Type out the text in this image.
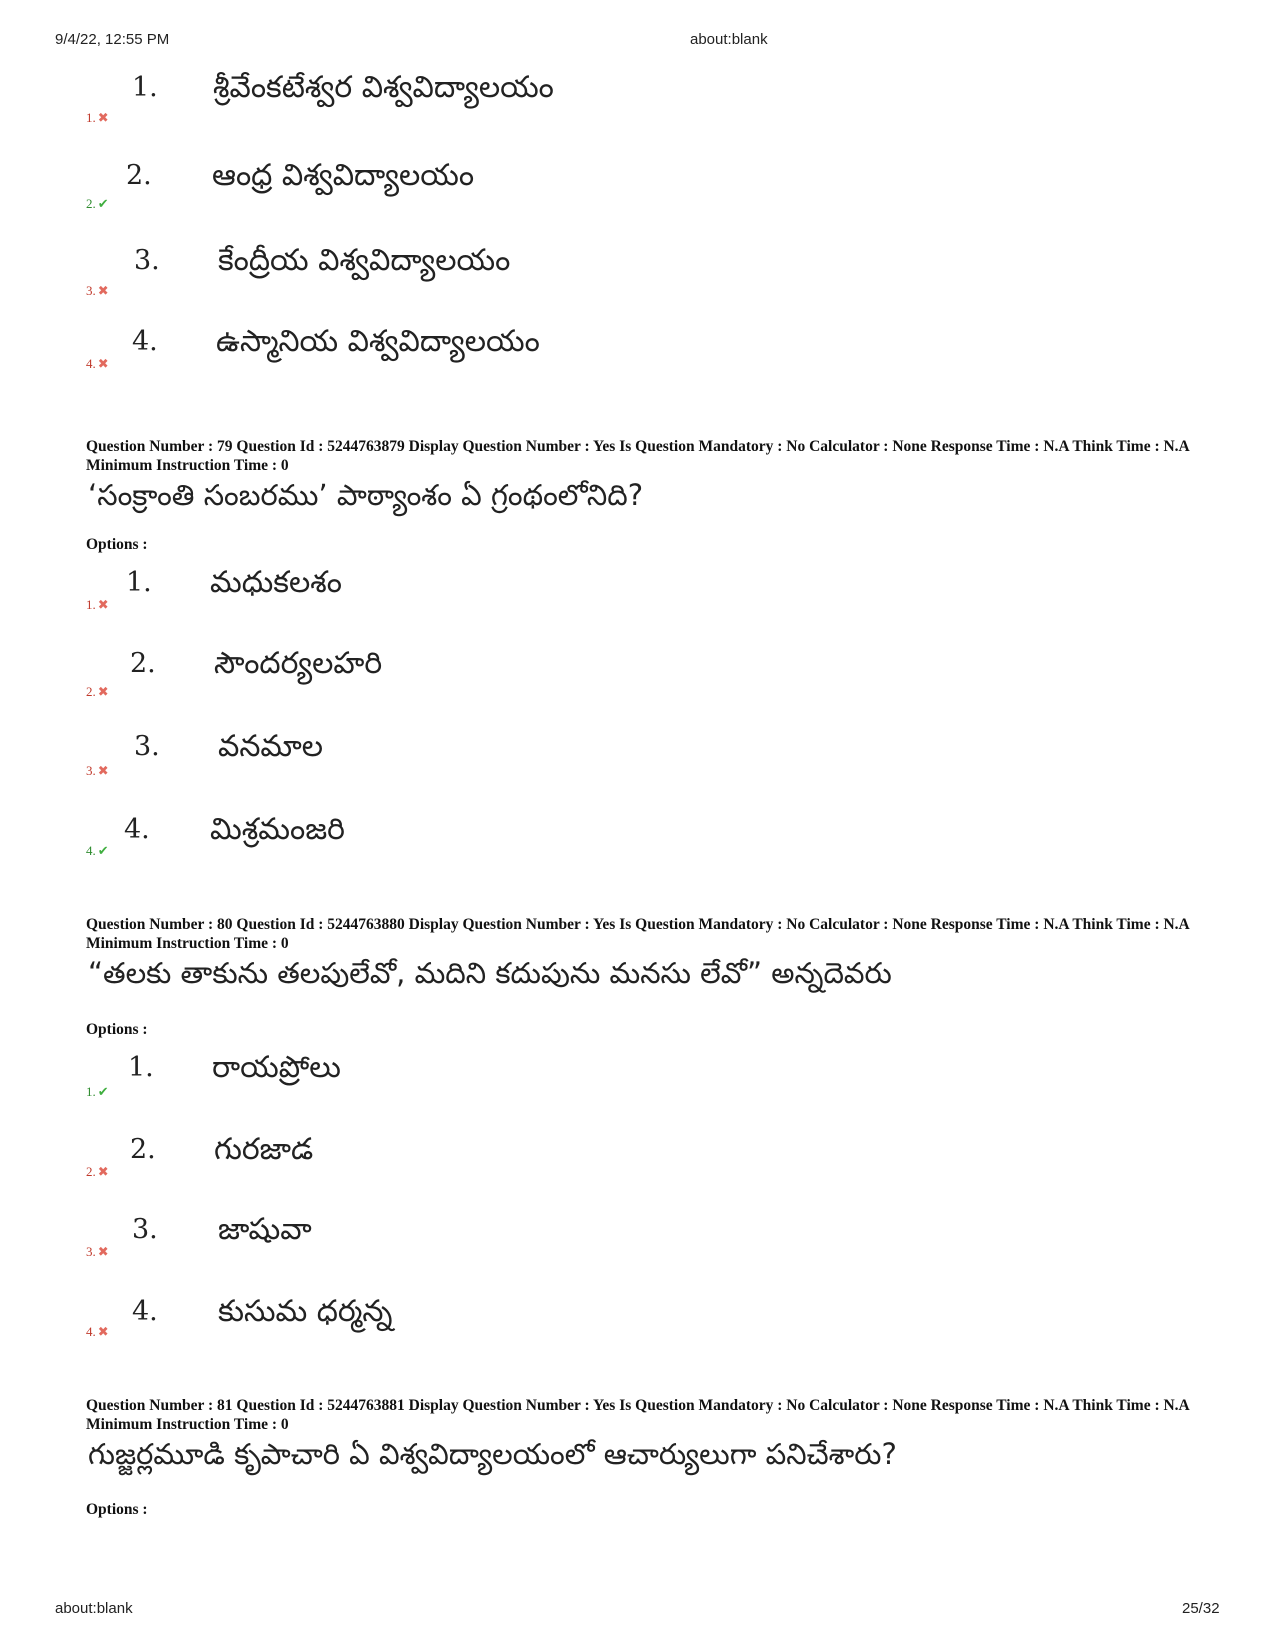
9/4/22, 12:55 PM	about:blank
1. శ్రీవేంకటేశ్వర విశ్వవిద్యాలయం
1. ✖
2. ఆంధ్ర విశ్వవిద్యాలయం
2. ✔
3. కేంద్రీయ విశ్వవిద్యాలయం
3. ✖
4. ఉస్మానియ విశ్వవిద్యాలయం
4. ✖
Question Number : 79 Question Id : 5244763879 Display Question Number : Yes Is Question Mandatory : No Calculator : None Response Time : N.A Think Time : N.A Minimum Instruction Time : 0
‘సంక్రాంతి సంబరము’ పాఠ్యాంశం ఏ గ్రంథంలోనిది?
Options :
1. మధుకలశం
1. ✖
2. సౌందర్యలహరి
2. ✖
3. వనమాల
3. ✖
4. మిశ్రమంజరి
4. ✔
Question Number : 80 Question Id : 5244763880 Display Question Number : Yes Is Question Mandatory : No Calculator : None Response Time : N.A Think Time : N.A Minimum Instruction Time : 0
“తలకు తాకును తలపులేవో, మదిని కదుపును మనసు లేవో” అన్నదెవరు
Options :
1. రాయప్రోలు
1. ✔
2. గురజాడ
2. ✖
3. జాషువా
3. ✖
4. కుసుమ ధర్మన్న
4. ✖
Question Number : 81 Question Id : 5244763881 Display Question Number : Yes Is Question Mandatory : No Calculator : None Response Time : N.A Think Time : N.A Minimum Instruction Time : 0
గుజ్జర్లమూడి కృపాచారి ఏ విశ్వవిద్యాలయంలో ఆచార్యులుగా పనిచేశారు?
Options :
about:blank	25/32
